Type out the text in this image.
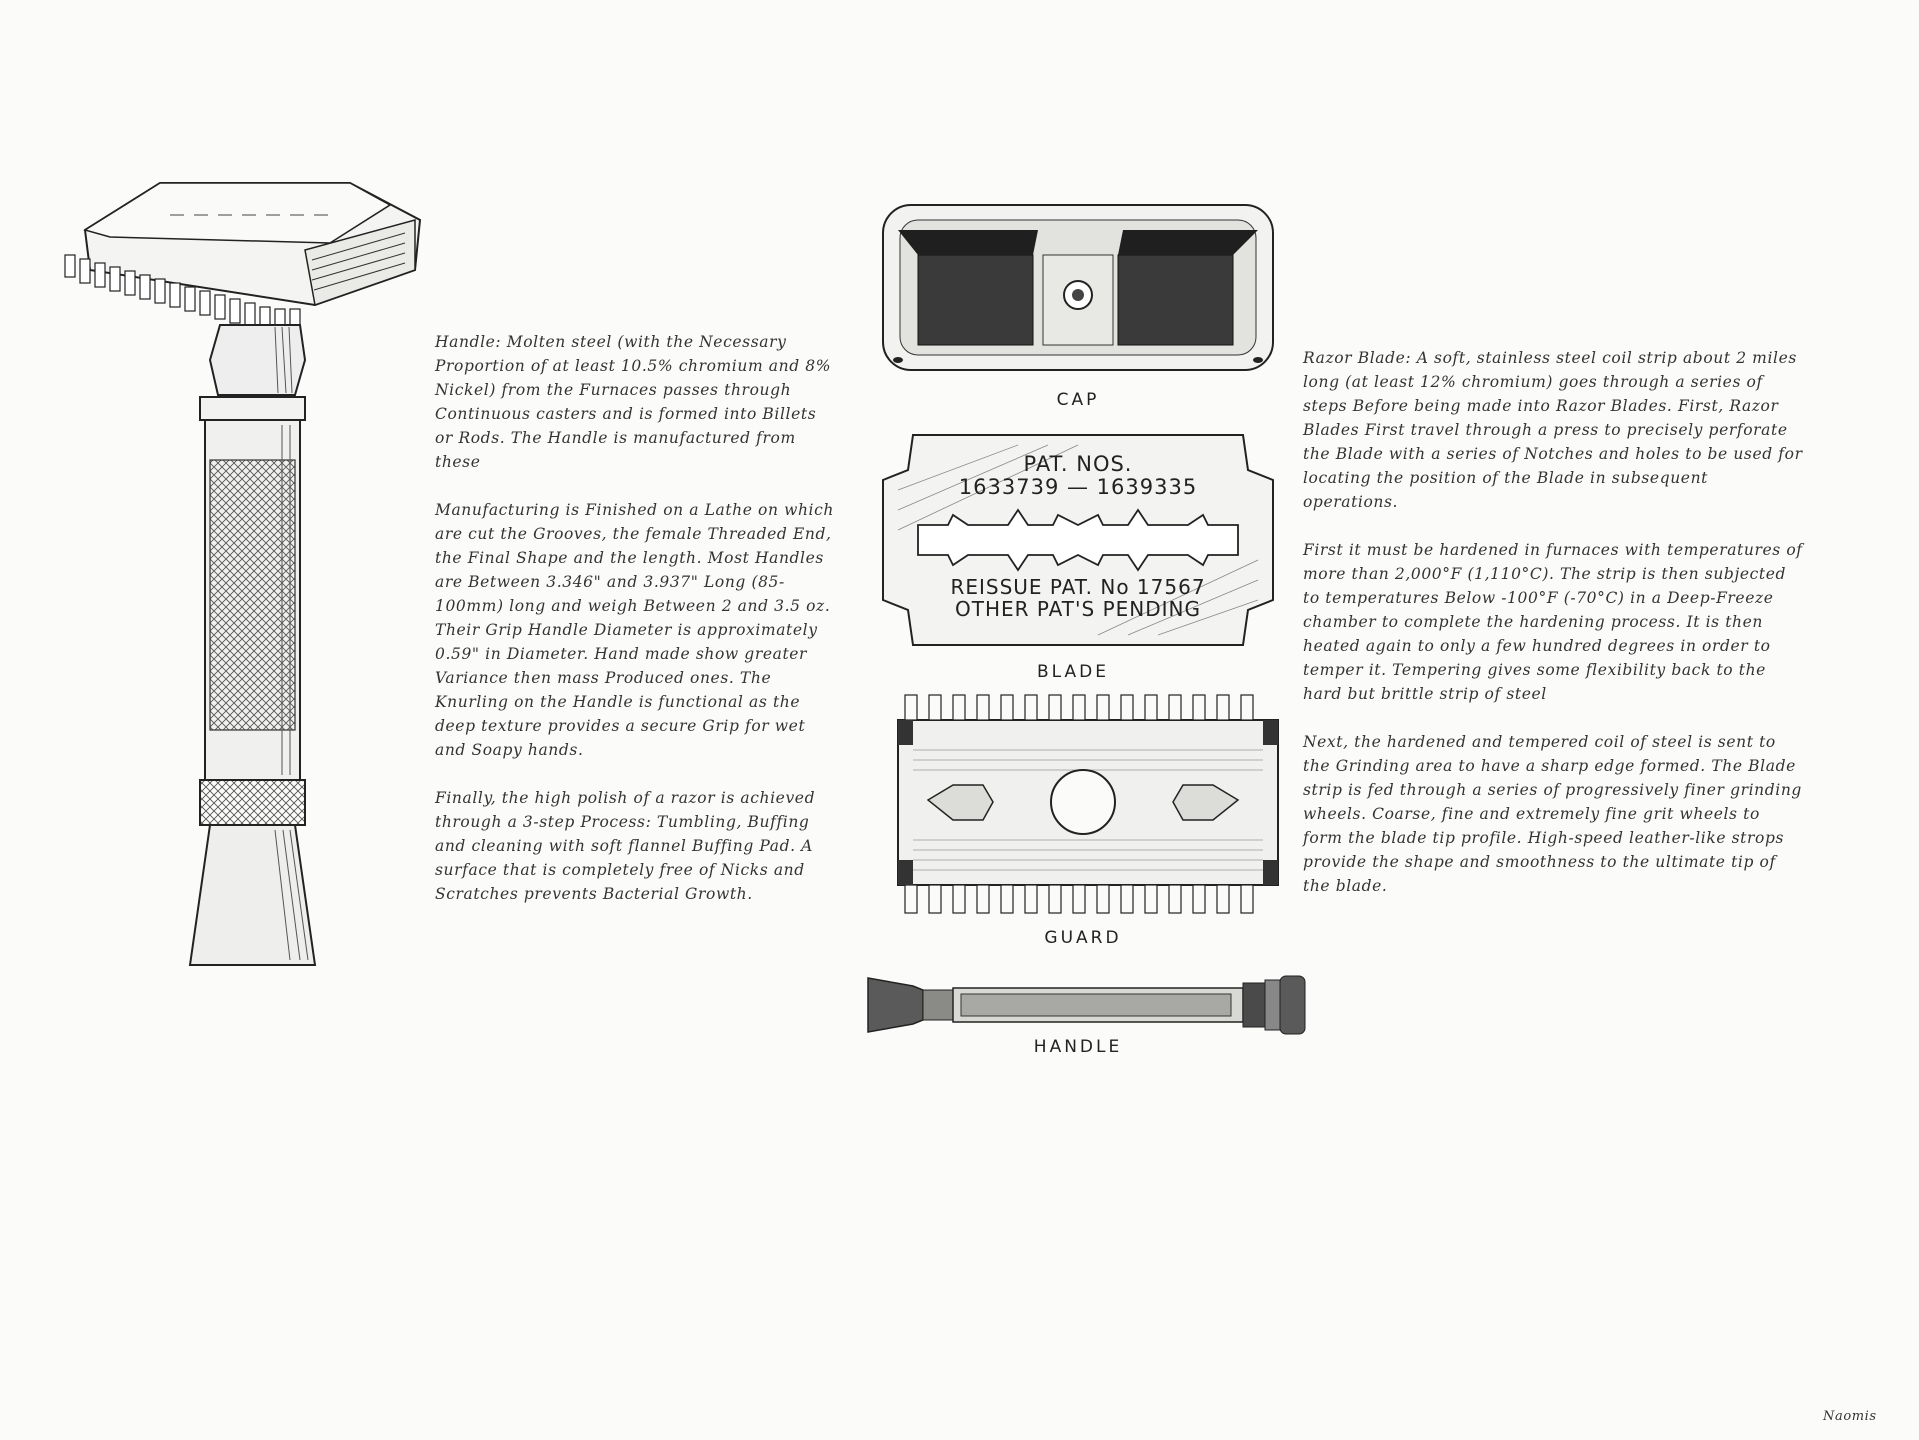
Handle: Molten steel (with the Necessary Proportion of at least 10.5% chromium and 8% Nickel) from the Furnaces passes through Continuous casters and is formed into Billets or Rods. The Handle is manufactured from these

Manufacturing is Finished on a Lathe on which are cut the Grooves, the female Threaded End, the Final Shape and the length. Most Handles are Between 3.346" and 3.937" Long (85-100mm) long and weigh Between 2 and 3.5 oz. Their Grip Handle Diameter is approximately 0.59" in Diameter. Hand made show greater Variance then mass Produced ones. The Knurling on the Handle is functional as the deep texture provides a secure Grip for wet and Soapy hands.

Finally, the high polish of a razor is achieved through a 3-step Process: Tumbling, Buffing and cleaning with soft flannel Buffing Pad. A surface that is completely free of Nicks and Scratches prevents Bacterial Growth.

CAP
PAT. NOS.
1633739 — 1639335
REISSUE PAT. No 17567
OTHER PAT'S PENDING
BLADE
GUARD
HANDLE

Razor Blade: A soft, stainless steel coil strip about 2 miles long (at least 12% chromium) goes through a series of steps Before being made into Razor Blades. First, Razor Blades First travel through a press to precisely perforate the Blade with a series of Notches and holes to be used for locating the position of the Blade in subsequent operations.

First it must be hardened in furnaces with temperatures of more than 2,000°F (1,110°C). The strip is then subjected to temperatures Below -100°F (-70°C) in a Deep-Freeze chamber to complete the hardening process. It is then heated again to only a few hundred degrees in order to temper it. Tempering gives some flexibility back to the hard but brittle strip of steel

Next, the hardened and tempered coil of steel is sent to the Grinding area to have a sharp edge formed. The Blade strip is fed through a series of progressively finer grinding wheels. Coarse, fine and extremely fine grit wheels to form the blade tip profile. High-speed leather-like strops provide the shape and smoothness to the ultimate tip of the blade.

Naomis
